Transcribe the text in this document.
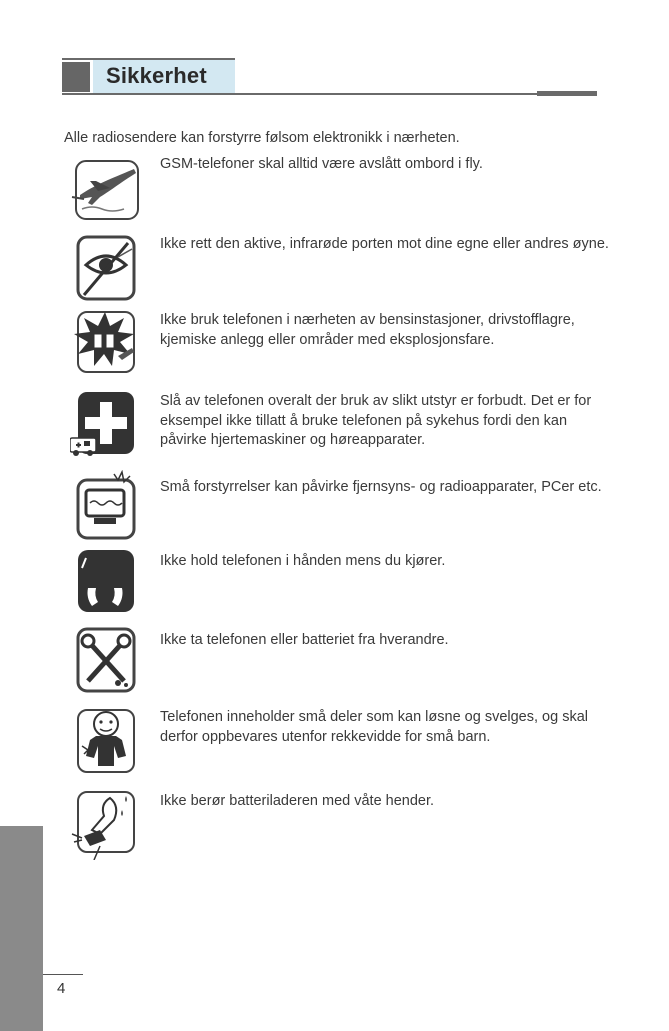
Sikkerhet
Alle radiosendere kan forstyrre følsom elektronikk i nærheten.
GSM-telefoner skal alltid være avslått ombord i fly.
Ikke rett den aktive, infrarøde porten mot dine egne eller andres øyne.
Ikke bruk telefonen i nærheten av bensinstasjoner, drivstofflagre, kjemiske anlegg eller områder med eksplosjonsfare.
Slå av telefonen overalt der bruk av slikt utstyr er forbudt. Det er for eksempel ikke tillatt å bruke telefonen på sykehus fordi den kan påvirke hjertemaskiner og høreapparater.
Små forstyrrelser kan påvirke fjernsyns- og radioapparater, PCer etc.
Ikke hold telefonen i hånden mens du kjører.
Ikke ta telefonen eller batteriet fra hverandre.
Telefonen inneholder små deler som kan løsne og svelges, og skal derfor oppbevares utenfor rekkevidde for små barn.
Ikke berør batteriladeren med våte hender.
4
